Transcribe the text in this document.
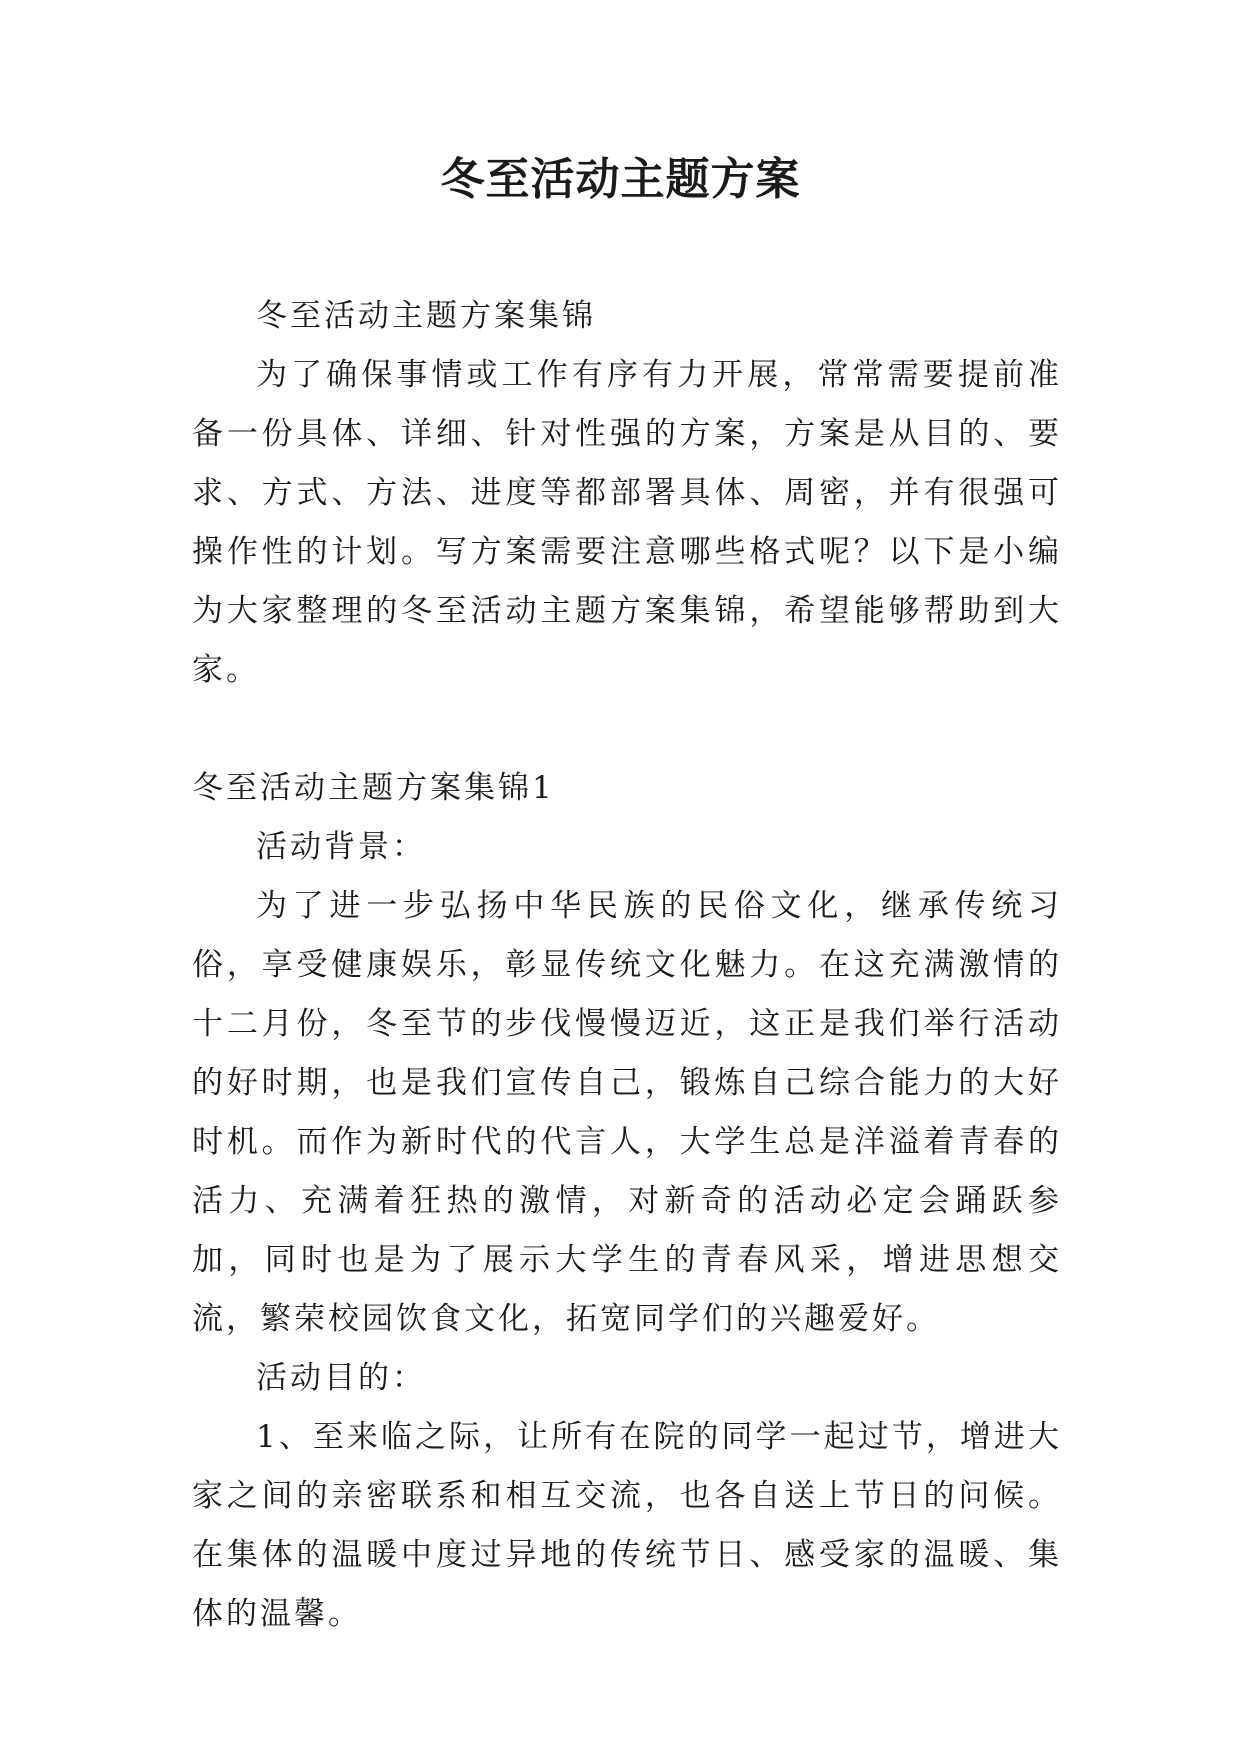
冬至活动主题方案

冬至活动主题方案集锦

为了确保事情或工作有序有力开展，常常需要提前准备一份具体、详细、针对性强的方案，方案是从目的、要求、方式、方法、进度等都部署具体、周密，并有很强可操作性的计划。写方案需要注意哪些格式呢？以下是小编为大家整理的冬至活动主题方案集锦，希望能够帮助到大家。

冬至活动主题方案集锦1

活动背景：

为了进一步弘扬中华民族的民俗文化，继承传统习俗，享受健康娱乐，彰显传统文化魅力。在这充满激情的十二月份，冬至节的步伐慢慢迈近，这正是我们举行活动的好时期，也是我们宣传自己，锻炼自己综合能力的大好时机。而作为新时代的代言人，大学生总是洋溢着青春的活力、充满着狂热的激情，对新奇的活动必定会踊跃参加，同时也是为了展示大学生的青春风采，增进思想交流，繁荣校园饮食文化，拓宽同学们的兴趣爱好。

活动目的：

1、至来临之际，让所有在院的同学一起过节，增进大家之间的亲密联系和相互交流，也各自送上节日的问候。在集体的温暖中度过异地的传统节日、感受家的温暖、集体的温馨。
